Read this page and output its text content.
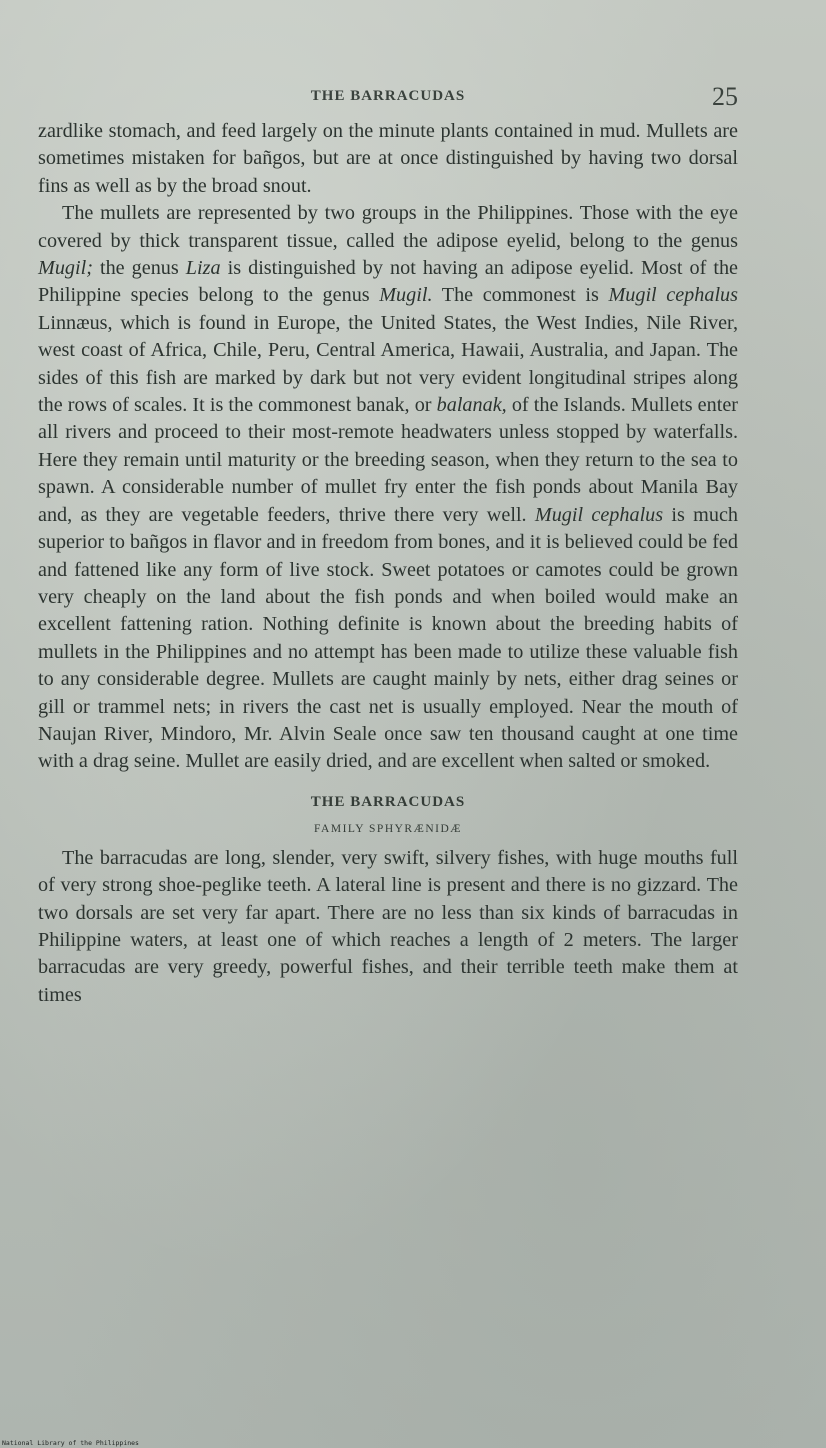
THE BARRACUDAS	25

zardlike stomach, and feed largely on the minute plants contained in mud. Mullets are sometimes mistaken for bañgos, but are at once distinguished by having two dorsal fins as well as by the broad snout.

The mullets are represented by two groups in the Philippines. Those with the eye covered by thick transparent tissue, called the adipose eyelid, belong to the genus Mugil; the genus Liza is distinguished by not having an adipose eyelid. Most of the Philippine species belong to the genus Mugil. The commonest is Mugil cephalus Linnæus, which is found in Europe, the United States, the West Indies, Nile River, west coast of Africa, Chile, Peru, Central America, Hawaii, Australia, and Japan. The sides of this fish are marked by dark but not very evident longitudinal stripes along the rows of scales. It is the commonest banak, or balanak, of the Islands. Mullets enter all rivers and proceed to their most-remote headwaters unless stopped by waterfalls. Here they remain until maturity or the breeding season, when they return to the sea to spawn. A considerable number of mullet fry enter the fish ponds about Manila Bay and, as they are vegetable feeders, thrive there very well. Mugil cephalus is much superior to bañgos in flavor and in freedom from bones, and it is believed could be fed and fattened like any form of live stock. Sweet potatoes or camotes could be grown very cheaply on the land about the fish ponds and when boiled would make an excellent fattening ration. Nothing definite is known about the breeding habits of mullets in the Philippines and no attempt has been made to utilize these valuable fish to any considerable degree. Mullets are caught mainly by nets, either drag seines or gill or trammel nets; in rivers the cast net is usually employed. Near the mouth of Naujan River, Mindoro, Mr. Alvin Seale once saw ten thousand caught at one time with a drag seine. Mullet are easily dried, and are excellent when salted or smoked.

THE BARRACUDAS
FAMILY SPHYRÆNIDÆ

The barracudas are long, slender, very swift, silvery fishes, with huge mouths full of very strong shoe-peglike teeth. A lateral line is present and there is no gizzard. The two dorsals are set very far apart. There are no less than six kinds of barracudas in Philippine waters, at least one of which reaches a length of 2 meters. The larger barracudas are very greedy, powerful fishes, and their terrible teeth make them at times

National Library of the Philippines
